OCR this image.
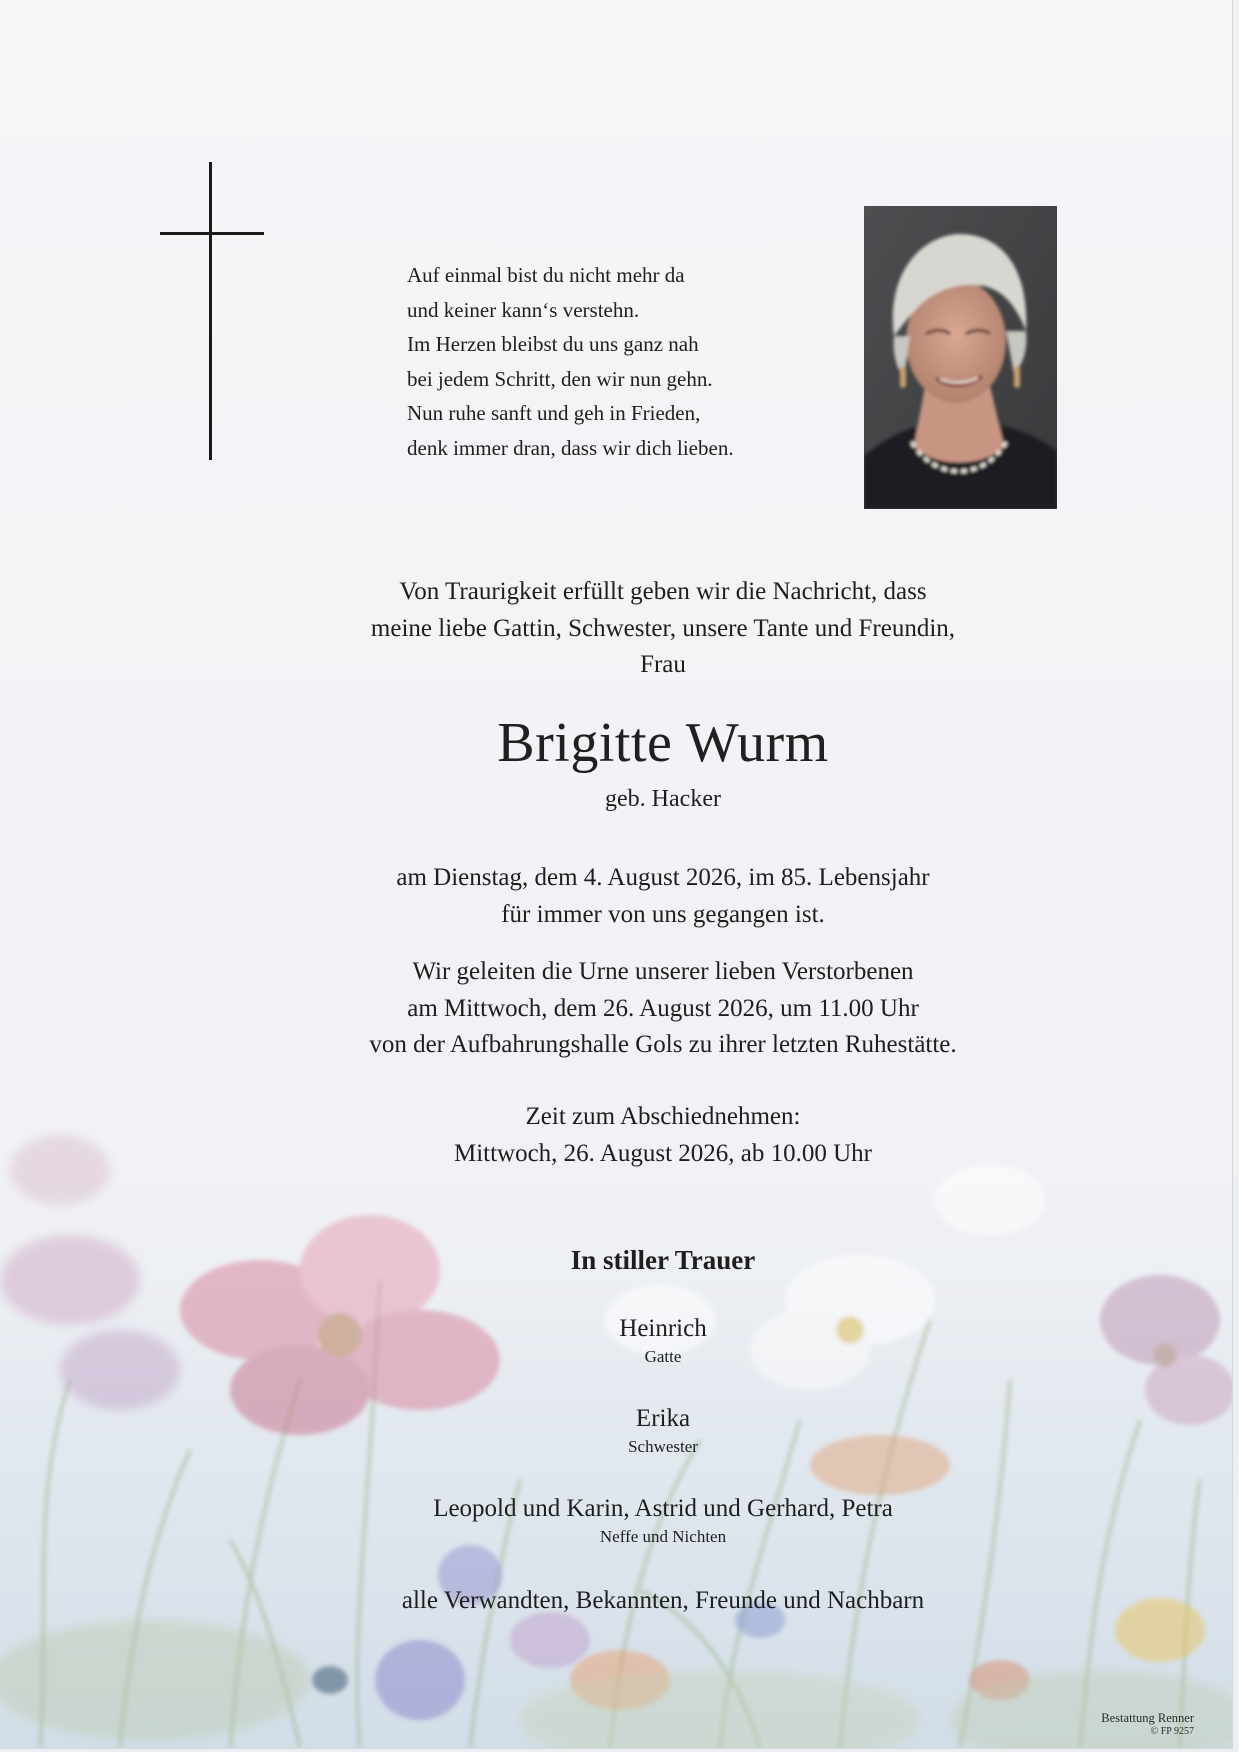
Auf einmal bist du nicht mehr da
und keiner kann‘s verstehn.
Im Herzen bleibst du uns ganz nah
bei jedem Schritt, den wir nun gehn.
Nun ruhe sanft und geh in Frieden,
denk immer dran, dass wir dich lieben.
Von Traurigkeit erfüllt geben wir die Nachricht, dass
meine liebe Gattin, Schwester, unsere Tante und Freundin,
Frau
Brigitte Wurm
geb. Hacker
am Dienstag, dem 4. August 2026, im 85. Lebensjahr
für immer von uns gegangen ist.
Wir geleiten die Urne unserer lieben Verstorbenen
am Mittwoch, dem 26. August 2026, um 11.00 Uhr
von der Aufbahrungshalle Gols zu ihrer letzten Ruhestätte.
Zeit zum Abschiednehmen:
Mittwoch, 26. August 2026, ab 10.00 Uhr
In stiller Trauer
Heinrich
Gatte
Erika
Schwester
Leopold und Karin, Astrid und Gerhard, Petra
Neffe und Nichten
alle Verwandten, Bekannten, Freunde und Nachbarn
Bestattung Renner
© FP 9257
